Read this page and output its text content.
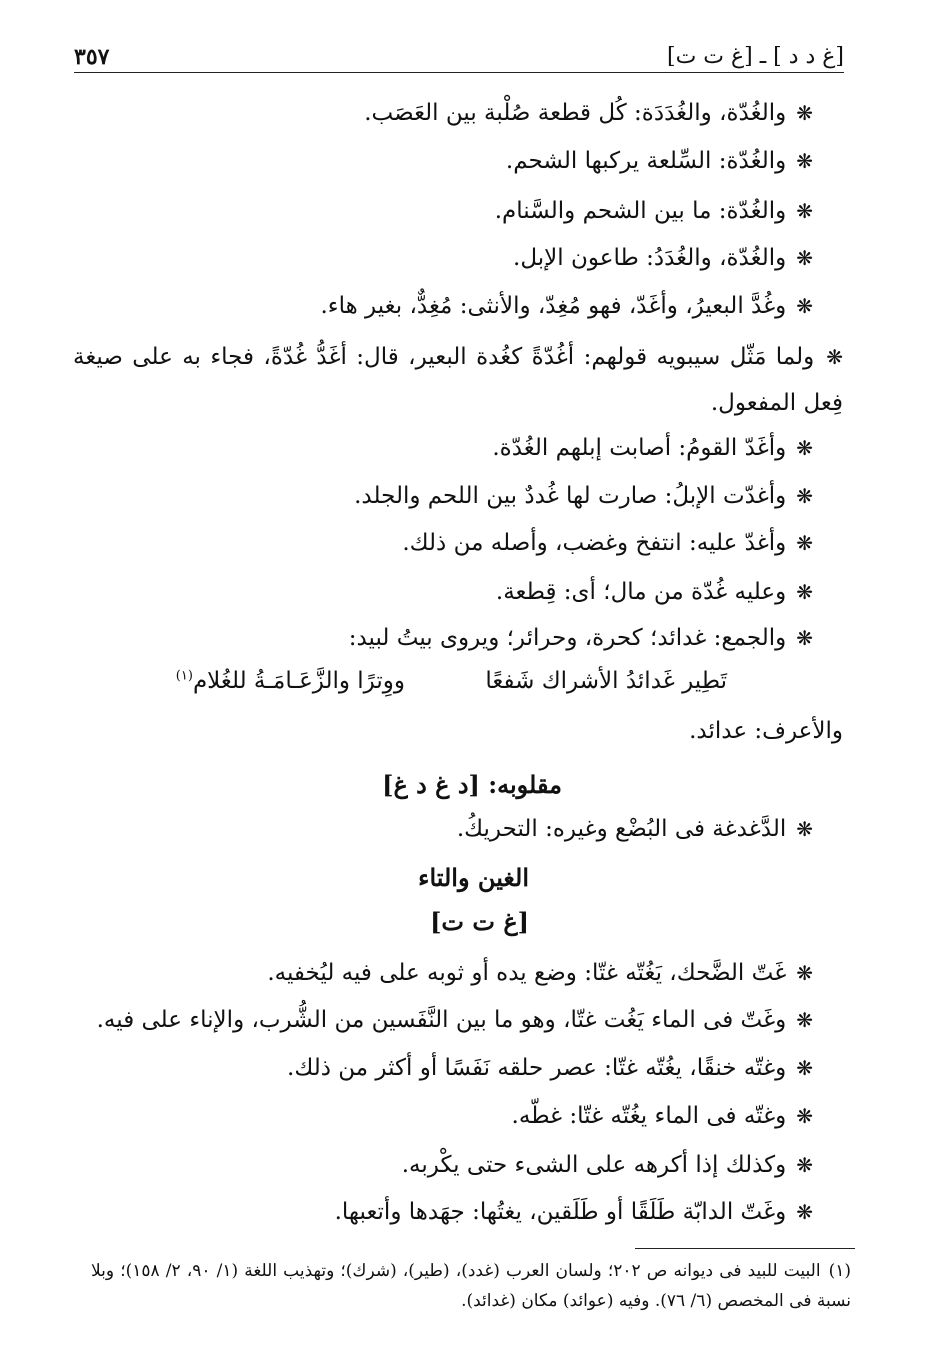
[غ د د ] ـ [غ ت ت]
٣٥٧
❋والغُدّة، والغُدَدَة: كُل قطعة صُلْبة بين العَصَب.
❋والغُدّة: السِّلعة يركبها الشحم.
❋والغُدّة: ما بين الشحم والسَّنام.
❋والغُدّة، والغُدَدُ: طاعون الإبل.
❋وغُدَّ البعيرُ، وأغَدّ، فهو مُغِدّ، والأنثى: مُغِدٌّ، بغير هاء.
❋ولما مَثّل سيبويه قولهم: أغُدّةً كغُدة البعير، قال: أغَدُّ غُدّةً، فجاء به على صيغة فِعل المفعول.
❋وأغَدّ القومُ: أصابت إبلهم الغُدّة.
❋وأغدّت الإبلُ: صارت لها غُددٌ بين اللحم والجلد.
❋وأغدّ عليه: انتفخ وغضب، وأصله من ذلك.
❋وعليه غُدّة من مال؛ أى: قِطعة.
❋والجمع: غدائد؛ كحرة، وحرائر؛ ويروى بيتُ لبيد:
تَطِير غَدائدُ الأشراك شَفعًا
ووِترًا والزَّعَـامَـةُ للغُلام$^{(١)}$
والأعرف: عدائد.
مقلوبه: [د غ د غ]
❋الدَّغدغة فى البُضْع وغيره: التحريكُ.
الغين والتاء
[غ ت ت]
❋غَتّ الضَّحك، يَغُتّه غتّا: وضع يده أو ثوبه على فيه ليُخفيه.
❋وغَتّ فى الماء يَغُت غتّا، وهو ما بين النَّفَسين من الشُّرب، والإناء على فيه.
❋وغتّه خنقًا، يغُتّه غتّا: عصر حلقه نَفَسًا أو أكثر من ذلك.
❋وغتّه فى الماء يغُتّه غتّا: غطّه.
❋وكذلك إذا أكرهه على الشىء حتى يكْربه.
❋وغَتّ الدابّة طَلَقًا أو طَلَقين، يغتُها: جهَدها وأتعبها.
(١)البيت للبيد فى ديوانه ص ٢٠٢؛ ولسان العرب (غدد)، (طير)، (شرك)؛ وتهذيب اللغة (١/ ٩٠، ٢/ ١٥٨)؛ وبلا نسبة فى المخصص (٦/ ٧٦). وفيه (عوائد) مكان (غدائد).
